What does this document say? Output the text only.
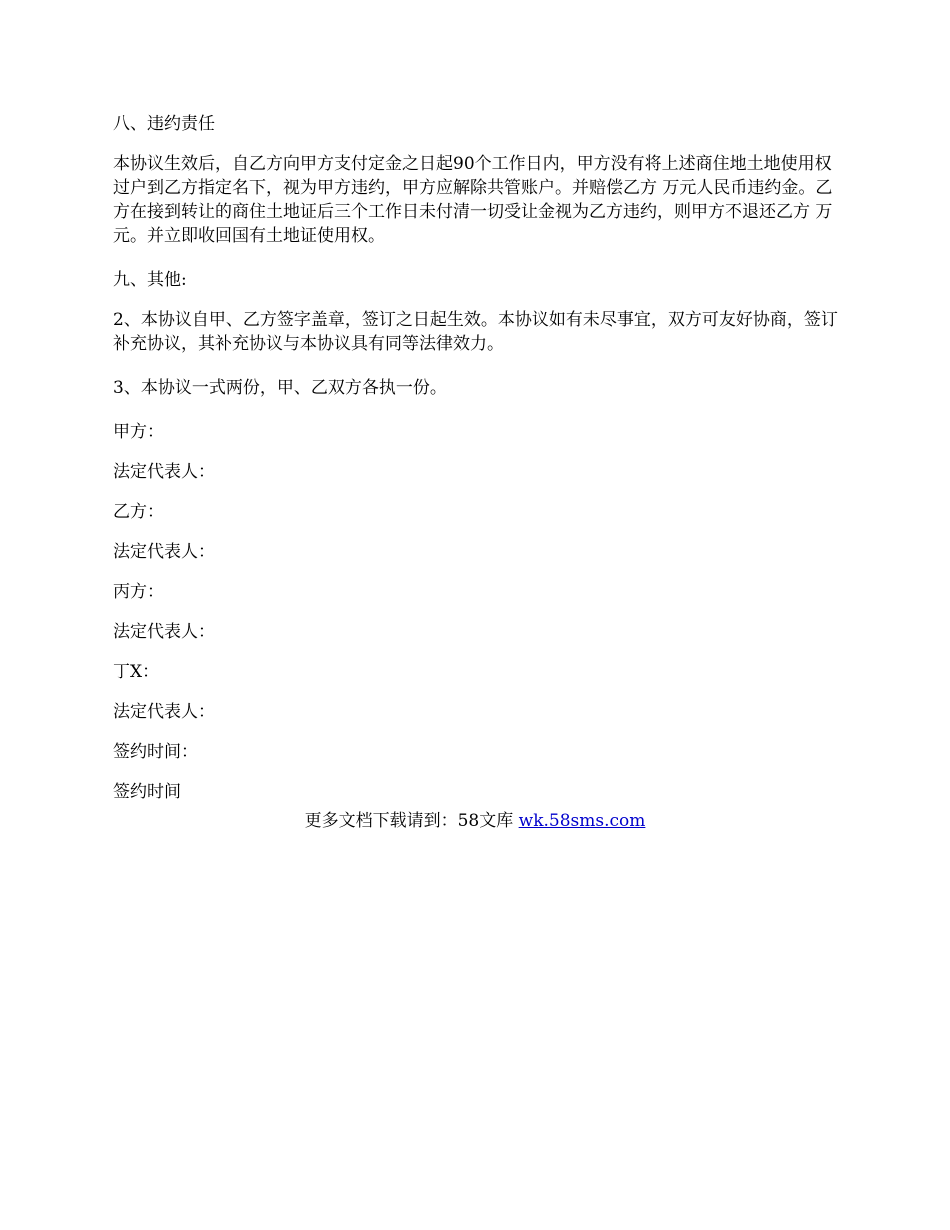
八、违约责任

本协议生效后，自乙方向甲方支付定金之日起90个工作日内，甲方没有将上述商住地土地使用权过户到乙方指定名下，视为甲方违约，甲方应解除共管账户。并赔偿乙方 万元人民币违约金。乙方在接到转让的商住土地证后三个工作日未付清一切受让金视为乙方违约，则甲方不退还乙方 万元。并立即收回国有土地证使用权。

九、其他:

2、本协议自甲、乙方签字盖章，签订之日起生效。本协议如有未尽事宜，双方可友好协商，签订补充协议，其补充协议与本协议具有同等法律效力。

3、本协议一式两份，甲、乙双方各执一份。

甲方：

法定代表人：

乙方：

法定代表人：

丙方：

法定代表人：

丁X：

法定代表人：

签约时间：

签约时间

更多文档下载请到：58文库 wk.58sms.com
